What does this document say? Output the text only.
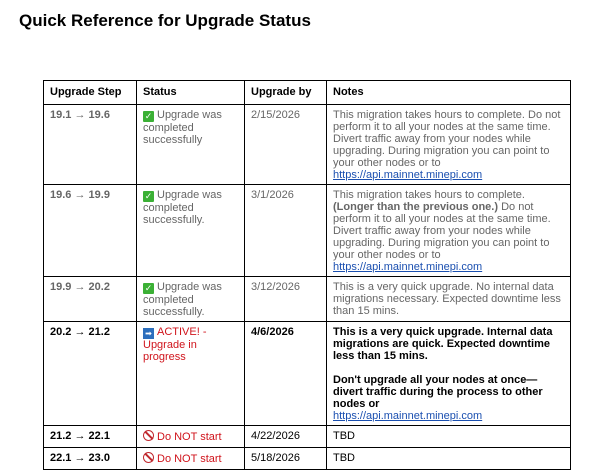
Quick Reference for Upgrade Status
Upgrade Step	Status	Upgrade by	Notes
19.1 → 19.6	✓ Upgrade was completed successfully	2/15/2026	This migration takes hours to complete. Do not perform it to all your nodes at the same time. Divert traffic away from your nodes while upgrading. During migration you can point to your other nodes or to
https://api.mainnet.minepi.com
19.6 → 19.9	✓ Upgrade was completed successfully.	3/1/2026	This migration takes hours to complete.
(Longer than the previous one.) Do not perform it to all your nodes at the same time. Divert traffic away from your nodes while upgrading. During migration you can point to your other nodes or to
https://api.mainnet.minepi.com
19.9 → 20.2	✓ Upgrade was completed successfully.	3/12/2026	This is a very quick upgrade. No internal data migrations necessary. Expected downtime less than 15 mins.
20.2 → 21.2	➡ ACTIVE! - Upgrade in progress	4/6/2026	This is a very quick upgrade. Internal data migrations are quick. Expected downtime less than 15 mins.
Don't upgrade all your nodes at once—divert traffic during the process to other nodes or
https://api.mainnet.minepi.com
21.2 → 22.1	Do NOT start	4/22/2026	TBD
22.1 → 23.0	Do NOT start	5/18/2026	TBD
